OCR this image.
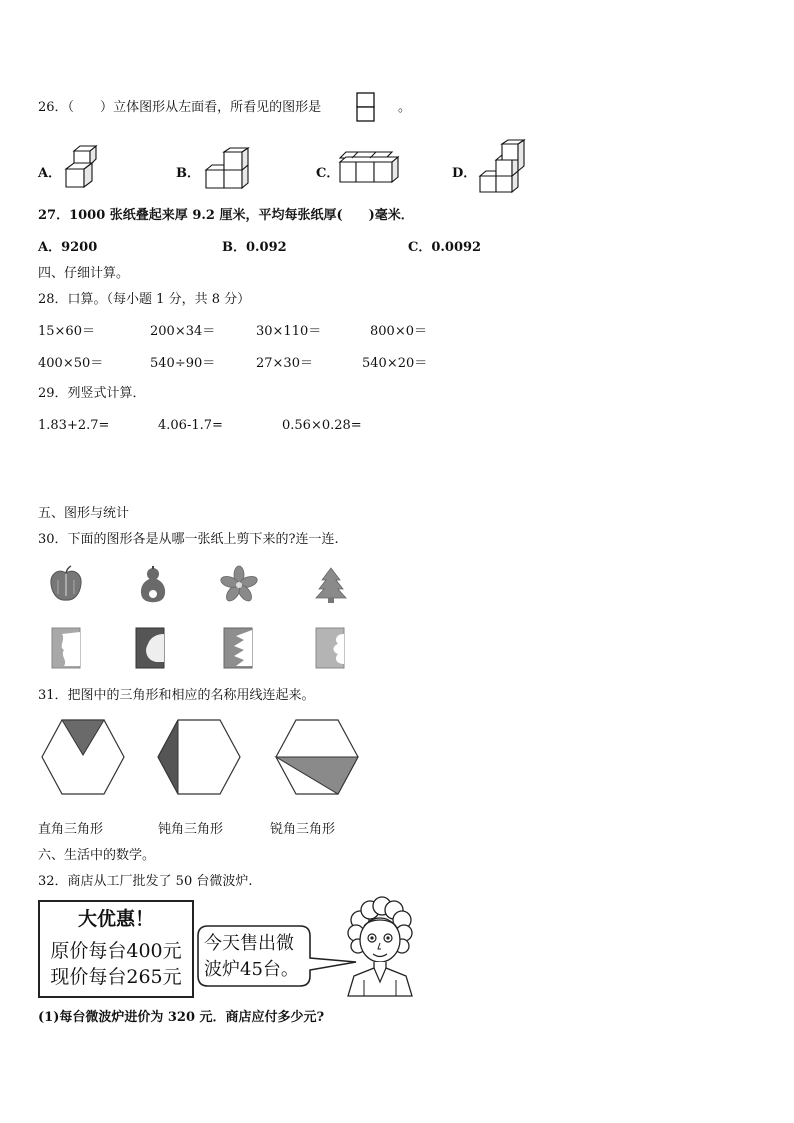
26．（　　）立体图形从左面看，所看见的图形是	。
A．	B．	C．	D．
27．1000 张纸叠起来厚 9.2 厘米，平均每张纸厚(　　)毫米．
A．9200	B．0.092	C．0.0092
四、仔细计算。
28．口算。（每小题 1 分，共 8 分）
15×60＝	200×34＝	30×110＝	800×0＝
400×50＝	540÷90＝	27×30＝	540×20＝
29．列竖式计算．
1.83+2.7=	4.06-1.7=	0.56×0.28=
五、图形与统计
30．下面的图形各是从哪一张纸上剪下来的?连一连.
31．把图中的三角形和相应的名称用线连起来。
直角三角形	钝角三角形	锐角三角形
六、生活中的数学。
32．商店从工厂批发了 50 台微波炉.
大优惠！
原价每台400元
现价每台265元
今天售出微
波炉45台。
(1)每台微波炉进价为 320 元．商店应付多少元?
